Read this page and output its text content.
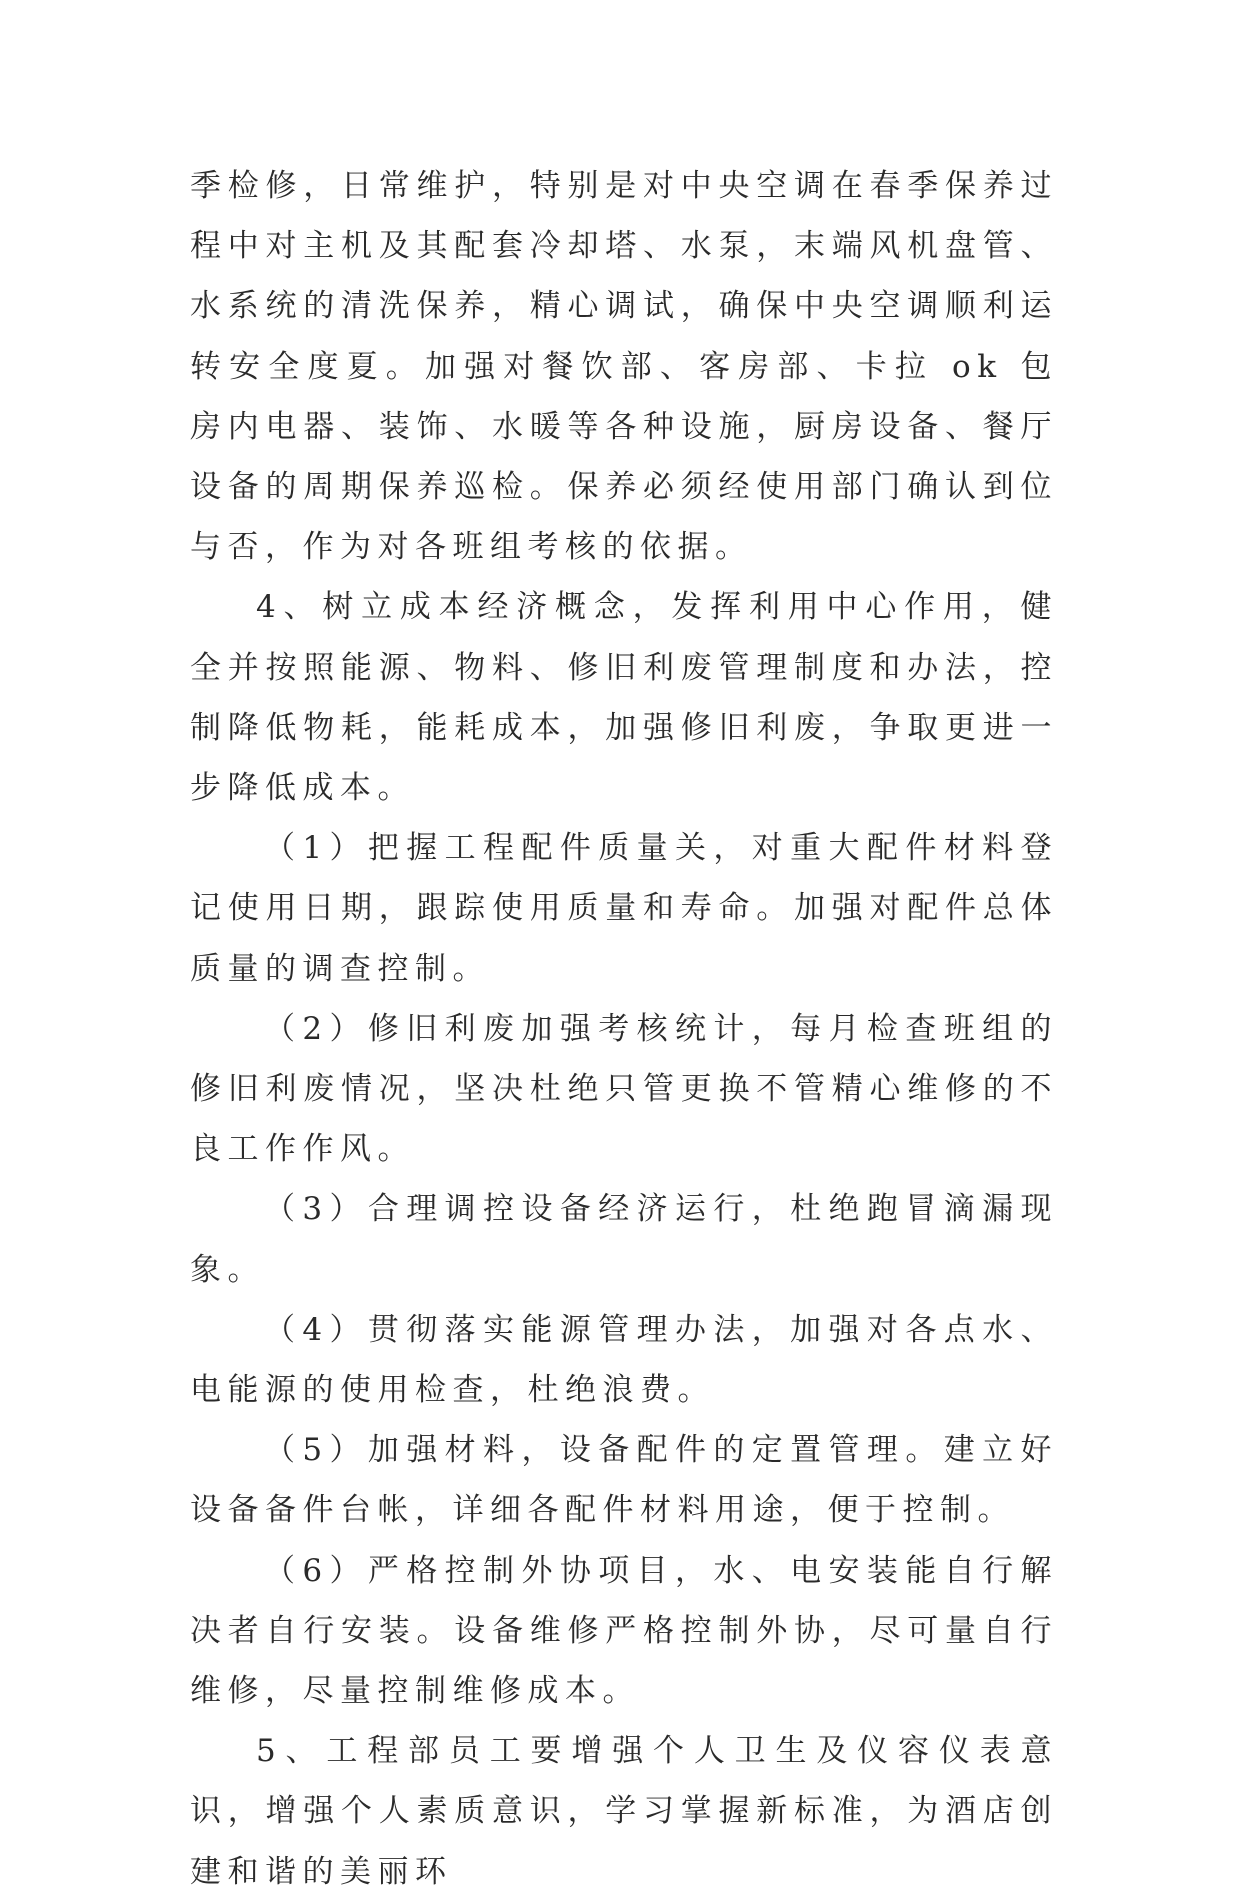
季检修，日常维护，特别是对中央空调在春季保养过程中对主机及其配套冷却塔、水泵，末端风机盘管、水系统的清洗保养，精心调试，确保中央空调顺利运转安全度夏。加强对餐饮部、客房部、卡拉 ok 包房内电器、装饰、水暖等各种设施，厨房设备、餐厅设备的周期保养巡检。保养必须经使用部门确认到位与否，作为对各班组考核的依据。

4、树立成本经济概念，发挥利用中心作用，健全并按照能源、物料、修旧利废管理制度和办法，控制降低物耗，能耗成本，加强修旧利废，争取更进一步降低成本。

（1）把握工程配件质量关，对重大配件材料登记使用日期，跟踪使用质量和寿命。加强对配件总体质量的调查控制。

（2）修旧利废加强考核统计，每月检查班组的修旧利废情况，坚决杜绝只管更换不管精心维修的不良工作作风。

（3）合理调控设备经济运行，杜绝跑冒滴漏现象。

（4）贯彻落实能源管理办法，加强对各点水、电能源的使用检查，杜绝浪费。

（5）加强材料，设备配件的定置管理。建立好设备备件台帐，详细各配件材料用途，便于控制。

（6）严格控制外协项目，水、电安装能自行解决者自行安装。设备维修严格控制外协，尽可量自行维修，尽量控制维修成本。

5、工程部员工要增强个人卫生及仪容仪表意识，增强个人素质意识，学习掌握新标准，为酒店创建和谐的美丽环
